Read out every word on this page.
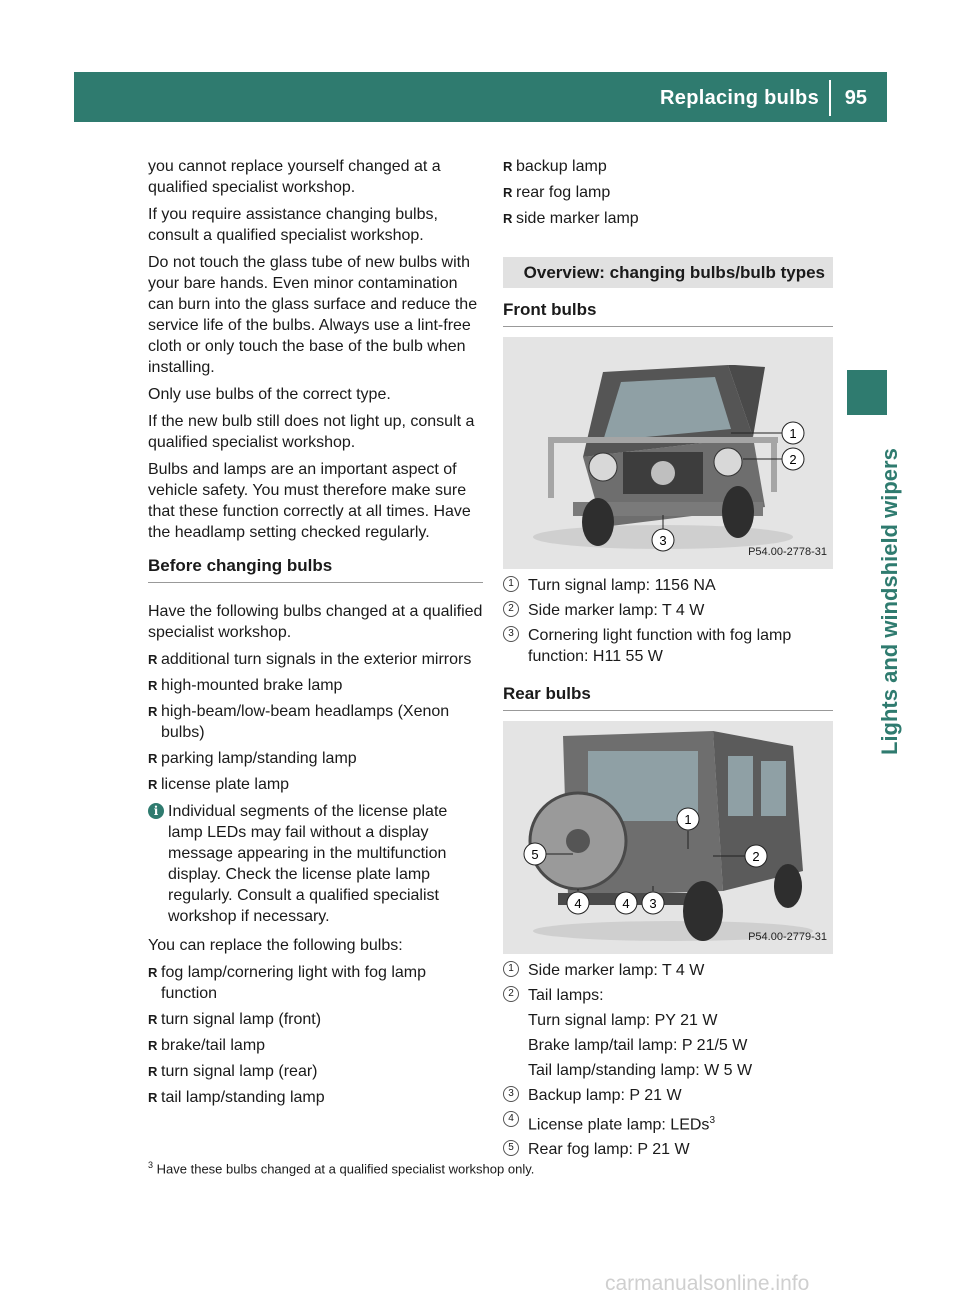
Replacing bulbs 95
Lights and windshield wipers

you cannot replace yourself changed at a qualified specialist workshop.

If you require assistance changing bulbs, consult a qualified specialist workshop.

Do not touch the glass tube of new bulbs with your bare hands. Even minor contamination can burn into the glass surface and reduce the service life of the bulbs. Always use a lint-free cloth or only touch the base of the bulb when installing.

Only use bulbs of the correct type.

If the new bulb still does not light up, consult a qualified specialist workshop.

Bulbs and lamps are an important aspect of vehicle safety. You must therefore make sure that these function correctly at all times. Have the headlamp setting checked regularly.

Before changing bulbs

Have the following bulbs changed at a qualified specialist workshop.

R additional turn signals in the exterior mirrors
R high-mounted brake lamp
R high-beam/low-beam headlamps (Xenon bulbs)
R parking lamp/standing lamp
R license plate lamp
i Individual segments of the license plate lamp LEDs may fail without a display message appearing in the multifunction display. Check the license plate lamp regularly. Consult a qualified specialist workshop if necessary.

You can replace the following bulbs:

R fog lamp/cornering light with fog lamp function
R turn signal lamp (front)
R brake/tail lamp
R turn signal lamp (rear)
R tail lamp/standing lamp
R backup lamp
R rear fog lamp
R side marker lamp
Overview: changing bulbs/bulb types
Front bulbs
1
2
3
P54.00-2778-31
1 Turn signal lamp: 1156 NA
2 Side marker lamp: T 4 W
3 Cornering light function with fog lamp function: H11 55 W
Rear bulbs
1
2
3
4	4
5
P54.00-2779-31
1 Side marker lamp: T 4 W
2 Tail lamps:
Turn signal lamp: PY 21 W
Brake lamp/tail lamp: P 21/5 W
Tail lamp/standing lamp: W 5 W
3 Backup lamp: P 21 W
4 License plate lamp: LEDs$^3$
5 Rear fog lamp: P 21 W
$^3$ Have these bulbs changed at a qualified specialist workshop only.
carmanualsonline.info
